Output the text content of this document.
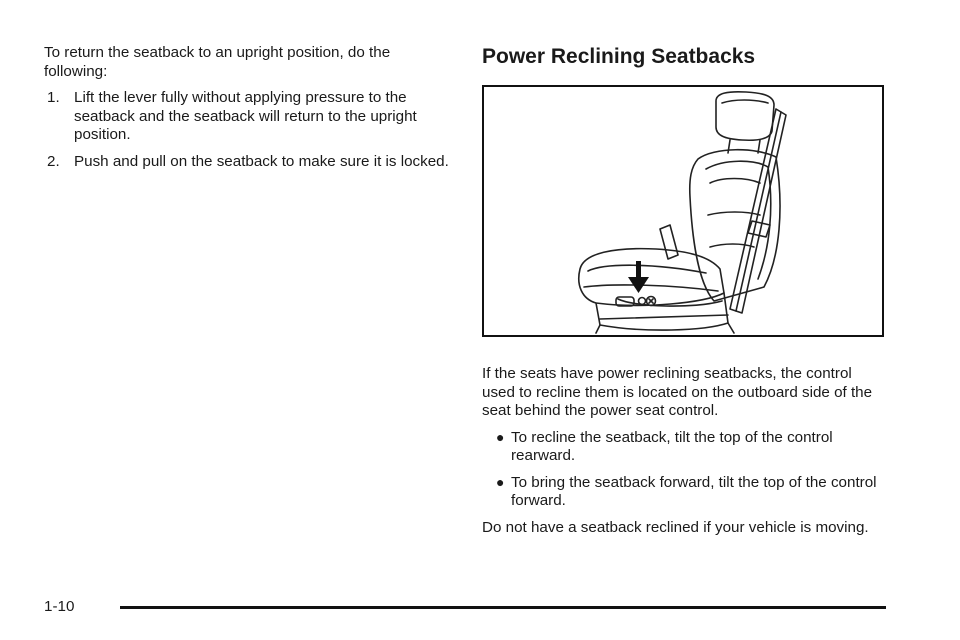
To return the seatback to an upright position, do the following:

1. Lift the lever fully without applying pressure to the seatback and the seatback will return to the upright position.
2. Push and pull on the seatback to make sure it is locked.
Power Reclining Seatbacks

If the seats have power reclining seatbacks, the control used to recline them is located on the outboard side of the seat behind the power seat control.

● To recline the seatback, tilt the top of the control rearward.
● To bring the seatback forward, tilt the top of the control forward.

Do not have a seatback reclined if your vehicle is moving.

1-10
